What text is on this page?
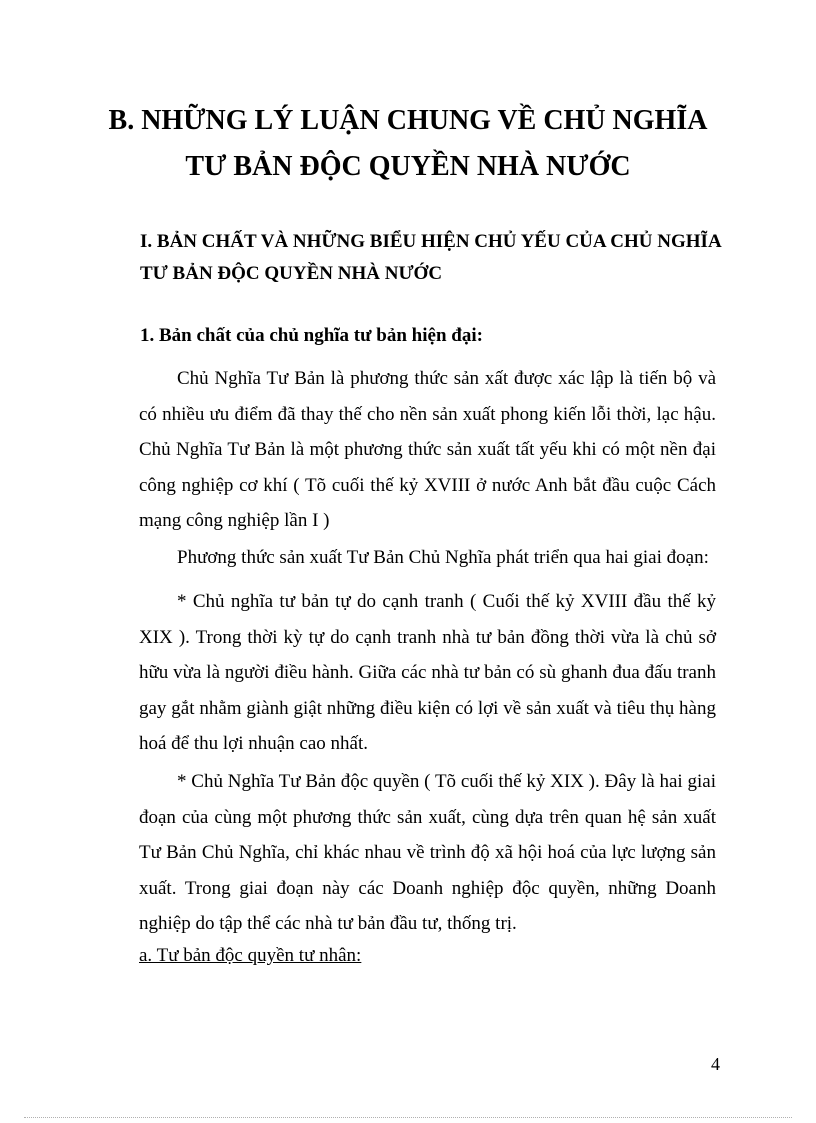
B. NHỮNG LÝ LUẬN CHUNG VỀ CHỦ NGHĨA
TƯ BẢN ĐỘC QUYỀN NHÀ NƯỚC
I. BẢN CHẤT VÀ NHỮNG BIỂU HIỆN CHỦ YẾU CỦA CHỦ NGHĨA
TƯ BẢN ĐỘC QUYỀN NHÀ NƯỚC
1. Bản chất của chủ nghĩa tư bản hiện đại:

Chủ Nghĩa Tư Bản là phương thức sản xất được xác lập là tiến bộ và có nhiều ưu điểm đã thay thế cho nền sản xuất phong kiến lỗi thời, lạc hậu. Chủ Nghĩa Tư Bản là một phương thức sản xuất tất yếu khi có một nền đại công nghiệp cơ khí ( Tõ cuối thế kỷ XVIII ở nước Anh bắt đầu cuộc Cách mạng công nghiệp lần I )

Phương thức sản xuất Tư Bản Chủ Nghĩa phát triển qua hai giai đoạn:

* Chủ nghĩa tư bản tự do cạnh tranh ( Cuối thế kỷ XVIII đầu thế kỷ XIX ). Trong thời kỳ tự do cạnh tranh nhà tư bản đồng thời vừa là chủ sở hữu vừa là người điều hành. Giữa các nhà tư bản có sù ghanh đua đấu tranh gay gắt nhằm giành giật những điều kiện có lợi về sản xuất và tiêu thụ hàng hoá để thu lợi nhuận cao nhất.

* Chủ Nghĩa Tư Bản độc quyền ( Tõ cuối thế kỷ XIX ). Đây là hai giai đoạn của cùng một phương thức sản xuất, cùng dựa trên quan hệ sản xuất Tư Bản Chủ Nghĩa, chỉ khác nhau về trình độ xã hội hoá của lực lượng sản xuất. Trong giai đoạn này các Doanh nghiệp độc quyền, những Doanh nghiệp do tập thể các nhà tư bản đầu tư, thống trị.

a. Tư bản độc quyền tư nhân:

4
